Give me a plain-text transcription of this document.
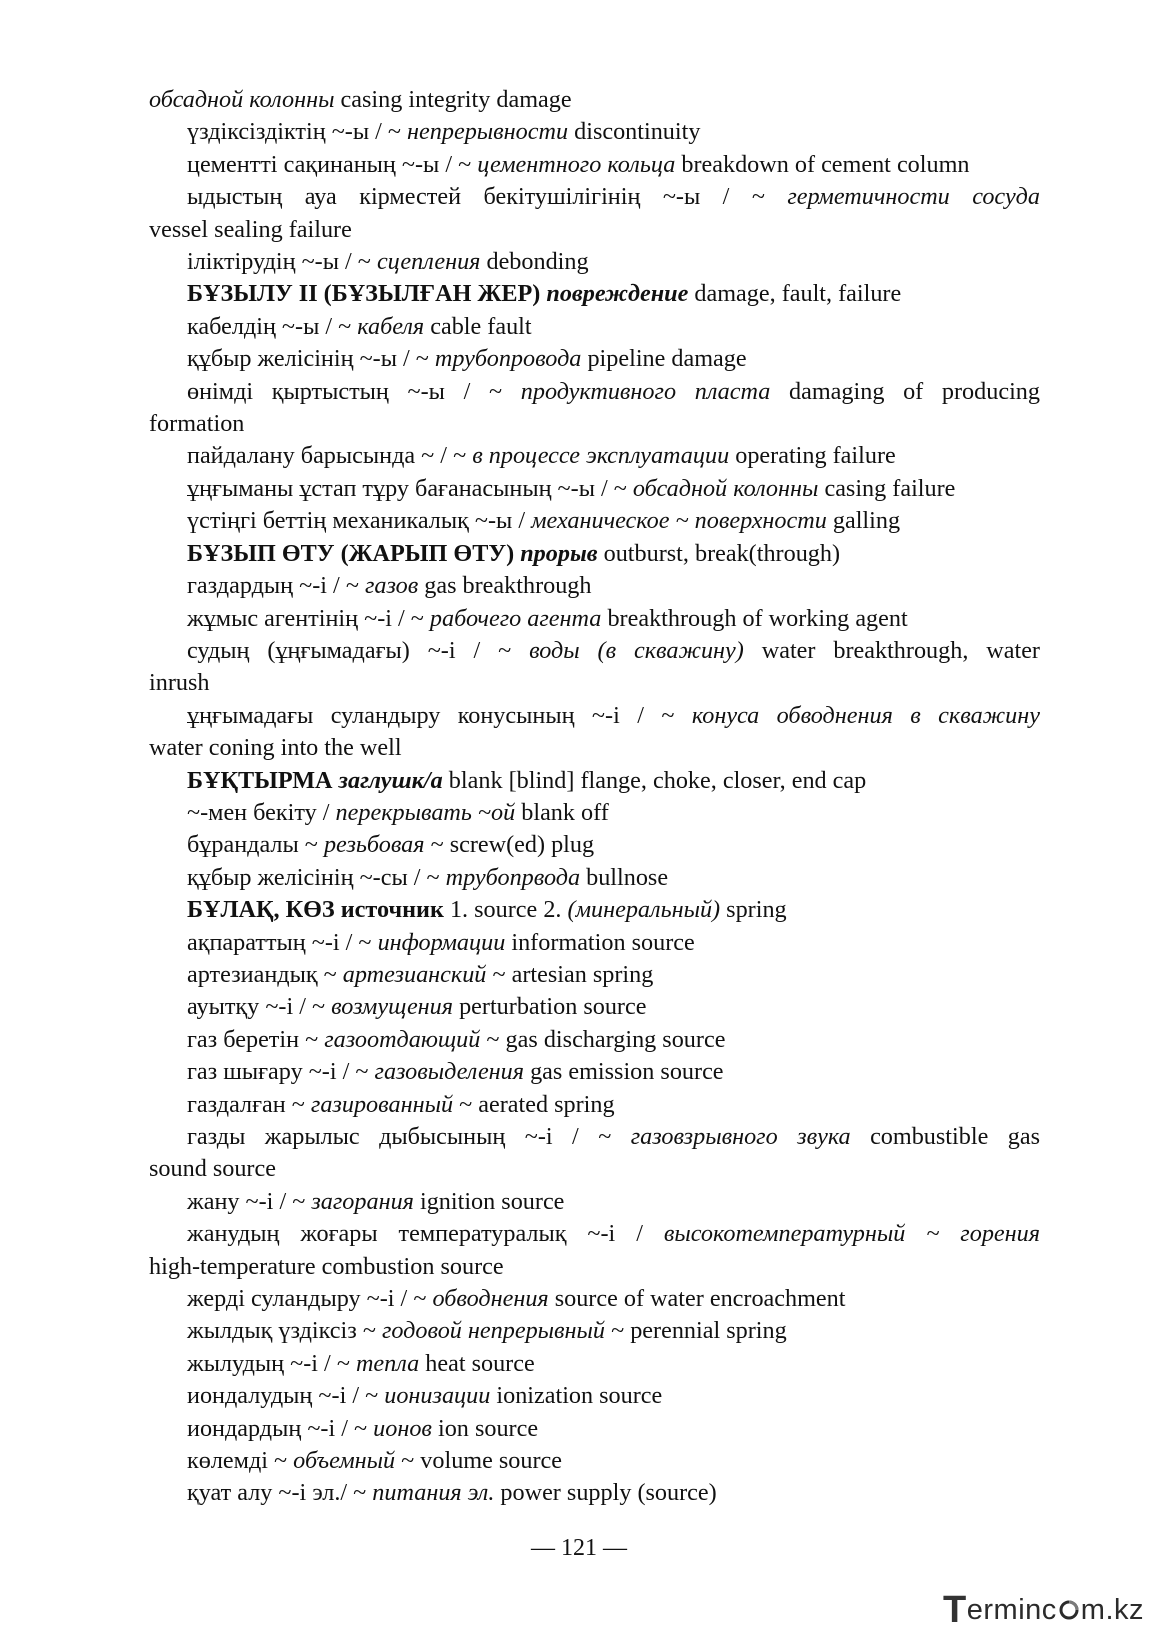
обсадной колонны casing integrity damage
үздіксіздіктің ~-ы / ~ непрерывности discontinuity
цементті сақинаның ~-ы / ~ цементного кольца breakdown of cement column
ыдыстың ауа кірместей бекітушілігінің ~-ы / ~ герметичности сосуда
vessel sealing failure
іліктірудің ~-ы / ~ сцепления debonding
БҰЗЫЛУ II (БҰЗЫЛҒАН ЖЕР) повреждение damage, fault, failure
кабелдің ~-ы / ~ кабеля cable fault
құбыр желісінің ~-ы / ~ трубопровода pipeline damage
өнімді қыртыстың ~-ы / ~ продуктивного пласта damaging of producing
formation
пайдалану барысында ~ / ~ в процессе эксплуатации operating failure
ұңғыманы ұстап тұру бағанасының ~-ы / ~ обсадной колонны casing failure
үстіңгі беттің механикалық ~-ы / механическое ~ поверхности galling
БҰЗЫП ӨТУ (ЖАРЫП ӨТУ) прорыв outburst, break(through)
газдардың ~-і / ~ газов gas breakthrough
жұмыс агентінің ~-і / ~ рабочего агента breakthrough of working agent
судың (ұңғымадағы) ~-і / ~ воды (в скважину) water breakthrough, water
inrush
ұңғымадағы суландыру конусының ~-і / ~ конуса обводнения в скважину
water coning into the well
БҰҚТЫРМА заглушк/а blank [blind] flange, choke, closer, end cap
~-мен бекіту / перекрывать ~ой blank off
бұрандалы ~ резьбовая ~ screw(ed) plug
құбыр желісінің ~-сы / ~ трубопрвода bullnose
БҰЛАҚ, КӨЗ источник 1. source 2. (минеральный) spring
ақпараттың ~-і / ~ информации information source
артезиандық ~ артезианский ~ artesian spring
ауытқу ~-і / ~ возмущения perturbation source
газ беретін ~ газоотдающий ~ gas discharging source
газ шығару ~-і / ~ газовыделения gas emission source
газдалған ~ газированный ~ aerated spring
газды жарылыс дыбысының ~-і / ~ газовзрывного звука combustible gas
sound source
жану ~-і / ~ загорания ignition source
жанудың жоғары температуралық ~-і / высокотемпературный ~ горения
high-temperature combustion source
жерді суландыру ~-і / ~ обводнения source of water encroachment
жылдық үздіксіз ~ годовой непрерывный ~ perennial spring
жылудың ~-і / ~ тепла heat source
иондалудың ~-і / ~ ионизации ionization source
иондардың ~-і / ~ ионов ion source
көлемді ~ объемный ~ volume source
қуат алу ~-і эл./ ~ питания эл. power supply (source)
— 121 —
T erminc m.kz
